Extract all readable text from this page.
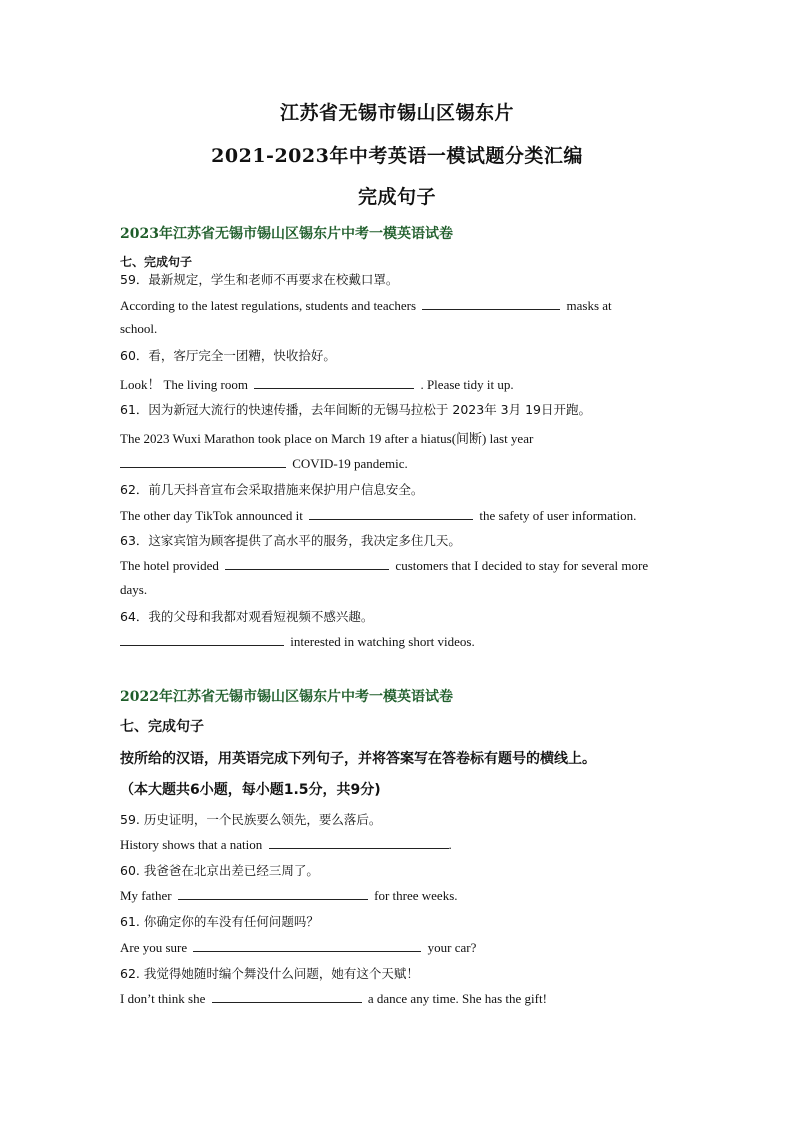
江苏省无锡市锡山区锡东片
2021-2023年中考英语一模试题分类汇编
完成句子
2023年江苏省无锡市锡山区锡东片中考一模英语试卷
七、完成句子
59．最新规定，学生和老师不再要求在校戴口罩。
According to the latest regulations, students and teachers	masks at
school.
60．看，客厅完全一团糟，快收拾好。
Look！ The living room	. Please tidy it up.
61．因为新冠大流行的快速传播，去年间断的无锡马拉松于 2023年 3月 19日开跑。
The 2023 Wuxi Marathon took place on March 19 after a hiatus(间断) last year
COVID-19 pandemic.
62．前几天抖音宣布会采取措施来保护用户信息安全。
The other day TikTok announced it	the safety of user information.
63．这家宾馆为顾客提供了高水平的服务，我决定多住几天。
The hotel provided	customers that I decided to stay for several more
days.
64．我的父母和我都对观看短视频不感兴趣。
interested in watching short videos.
2022年江苏省无锡市锡山区锡东片中考一模英语试卷
七、完成句子
按所给的汉语，用英语完成下列句子，并将答案写在答卷标有题号的横线上。
（本大题共6小题，每小题1.5分，共9分)
59. 历史证明，一个民族要么领先，要么落后。
History shows that a nation	.
60. 我爸爸在北京出差已经三周了。
My father	for three weeks.
61. 你确定你的车没有任何问题吗？
Are you sure	your car?
62. 我觉得她随时编个舞没什么问题，她有这个天赋！
I don’t think she	a dance any time. She has the gift!
